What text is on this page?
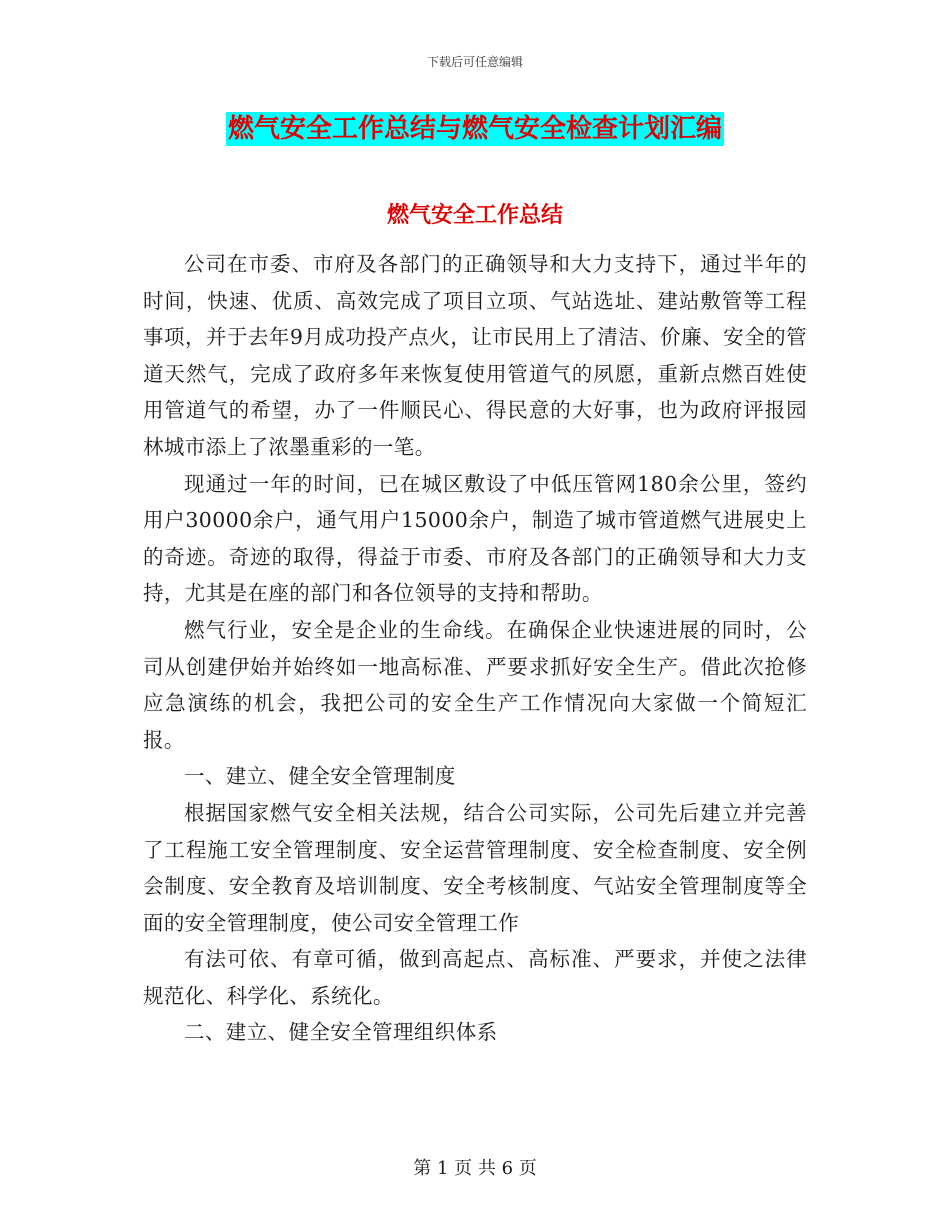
下载后可任意编辑
燃气安全工作总结与燃气安全检查计划汇编
燃气安全工作总结

公司在市委、市府及各部门的正确领导和大力支持下，通过半年的时间，快速、优质、高效完成了项目立项、气站选址、建站敷管等工程事项，并于去年9月成功投产点火，让市民用上了清洁、价廉、安全的管道天然气，完成了政府多年来恢复使用管道气的夙愿，重新点燃百姓使用管道气的希望，办了一件顺民心、得民意的大好事，也为政府评报园林城市添上了浓墨重彩的一笔。

现通过一年的时间，已在城区敷设了中低压管网180余公里，签约用户30000余户，通气用户15000余户，制造了城市管道燃气进展史上的奇迹。奇迹的取得，得益于市委、市府及各部门的正确领导和大力支持，尤其是在座的部门和各位领导的支持和帮助。

燃气行业，安全是企业的生命线。在确保企业快速进展的同时，公司从创建伊始并始终如一地高标准、严要求抓好安全生产。借此次抢修应急演练的机会，我把公司的安全生产工作情况向大家做一个简短汇报。

一、建立、健全安全管理制度

根据国家燃气安全相关法规，结合公司实际，公司先后建立并完善了工程施工安全管理制度、安全运营管理制度、安全检查制度、安全例会制度、安全教育及培训制度、安全考核制度、气站安全管理制度等全面的安全管理制度，使公司安全管理工作

有法可依、有章可循，做到高起点、高标准、严要求，并使之法律规范化、科学化、系统化。

二、建立、健全安全管理组织体系

第 1 页 共 6 页
